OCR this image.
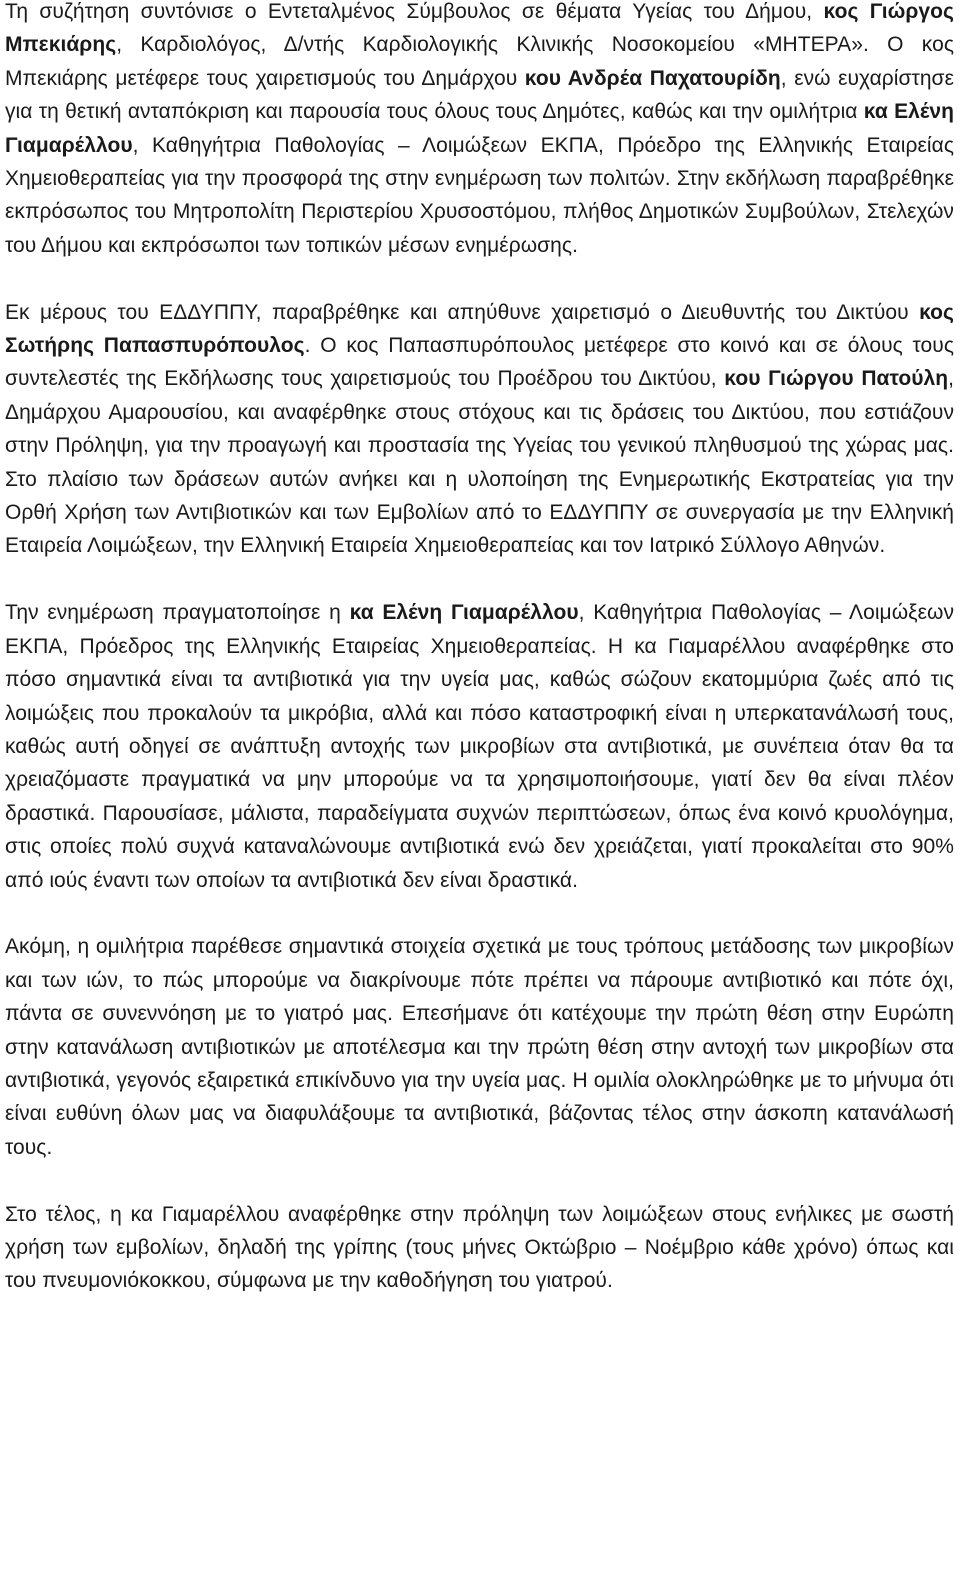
Τη συζήτηση συντόνισε ο Εντεταλμένος Σύμβουλος σε θέματα Υγείας του Δήμου, κος Γιώργος Μπεκιάρης, Καρδιολόγος, Δ/ντής Καρδιολογικής Κλινικής Νοσοκομείου «ΜΗΤΕΡΑ». Ο κος Μπεκιάρης μετέφερε τους χαιρετισμούς του Δημάρχου κου Ανδρέα Παχατουρίδη, ενώ ευχαρίστησε για τη θετική ανταπόκριση και παρουσία τους όλους τους Δημότες, καθώς και την ομιλήτρια κα Ελένη Γιαμαρέλλου, Καθηγήτρια Παθολογίας – Λοιμώξεων ΕΚΠΑ, Πρόεδρο της Ελληνικής Εταιρείας Χημειοθεραπείας για την προσφορά της στην ενημέρωση των πολιτών. Στην εκδήλωση παραβρέθηκε εκπρόσωπος του Μητροπολίτη Περιστερίου Χρυσοστόμου, πλήθος Δημοτικών Συμβούλων, Στελεχών του Δήμου και εκπρόσωποι των τοπικών μέσων ενημέρωσης.

Εκ μέρους του ΕΔΔΥΠΠΥ, παραβρέθηκε και απηύθυνε χαιρετισμό ο Διευθυντής του Δικτύου κος Σωτήρης Παπασπυρόπουλος. Ο κος Παπασπυρόπουλος μετέφερε στο κοινό και σε όλους τους συντελεστές της Εκδήλωσης τους χαιρετισμούς του Προέδρου του Δικτύου, κου Γιώργου Πατούλη, Δημάρχου Αμαρουσίου, και αναφέρθηκε στους στόχους και τις δράσεις του Δικτύου, που εστιάζουν στην Πρόληψη, για την προαγωγή και προστασία της Υγείας του γενικού πληθυσμού της χώρας μας. Στο πλαίσιο των δράσεων αυτών ανήκει και η υλοποίηση της Ενημερωτικής Εκστρατείας για την Ορθή Χρήση των Αντιβιοτικών και των Εμβολίων από το ΕΔΔΥΠΠΥ σε συνεργασία με την Ελληνική Εταιρεία Λοιμώξεων, την Ελληνική Εταιρεία Χημειοθεραπείας και τον Ιατρικό Σύλλογο Αθηνών.

Την ενημέρωση πραγματοποίησε η κα Ελένη Γιαμαρέλλου, Καθηγήτρια Παθολογίας – Λοιμώξεων ΕΚΠΑ, Πρόεδρος της Ελληνικής Εταιρείας Χημειοθεραπείας. Η κα Γιαμαρέλλου αναφέρθηκε στο πόσο σημαντικά είναι τα αντιβιοτικά για την υγεία μας, καθώς σώζουν εκατομμύρια ζωές από τις λοιμώξεις που προκαλούν τα μικρόβια, αλλά και πόσο καταστροφική είναι η υπερκατανάλωσή τους, καθώς αυτή οδηγεί σε ανάπτυξη αντοχής των μικροβίων στα αντιβιοτικά, με συνέπεια όταν θα τα χρειαζόμαστε πραγματικά να μην μπορούμε να τα χρησιμοποιήσουμε, γιατί δεν θα είναι πλέον δραστικά. Παρουσίασε, μάλιστα, παραδείγματα συχνών περιπτώσεων, όπως ένα κοινό κρυολόγημα, στις οποίες πολύ συχνά καταναλώνουμε αντιβιοτικά ενώ δεν χρειάζεται, γιατί προκαλείται στο 90% από ιούς έναντι των οποίων τα αντιβιοτικά δεν είναι δραστικά.

Ακόμη, η ομιλήτρια παρέθεσε σημαντικά στοιχεία σχετικά με τους τρόπους μετάδοσης των μικροβίων και των ιών, το πώς μπορούμε να διακρίνουμε πότε πρέπει να πάρουμε αντιβιοτικό και πότε όχι, πάντα σε συνεννόηση με το γιατρό μας. Επεσήμανε ότι κατέχουμε την πρώτη θέση στην Ευρώπη στην κατανάλωση αντιβιοτικών με αποτέλεσμα και την πρώτη θέση στην αντοχή των μικροβίων στα αντιβιοτικά, γεγονός εξαιρετικά επικίνδυνο για την υγεία μας. Η ομιλία ολοκληρώθηκε με το μήνυμα ότι είναι ευθύνη όλων μας να διαφυλάξουμε τα αντιβιοτικά, βάζοντας τέλος στην άσκοπη κατανάλωσή τους.

Στο τέλος, η κα Γιαμαρέλλου αναφέρθηκε στην πρόληψη των λοιμώξεων στους ενήλικες με σωστή χρήση των εμβολίων, δηλαδή της γρίπης (τους μήνες Οκτώβριο – Νοέμβριο κάθε χρόνο) όπως και του πνευμονιόκοκκου, σύμφωνα με την καθοδήγηση του γιατρού.
